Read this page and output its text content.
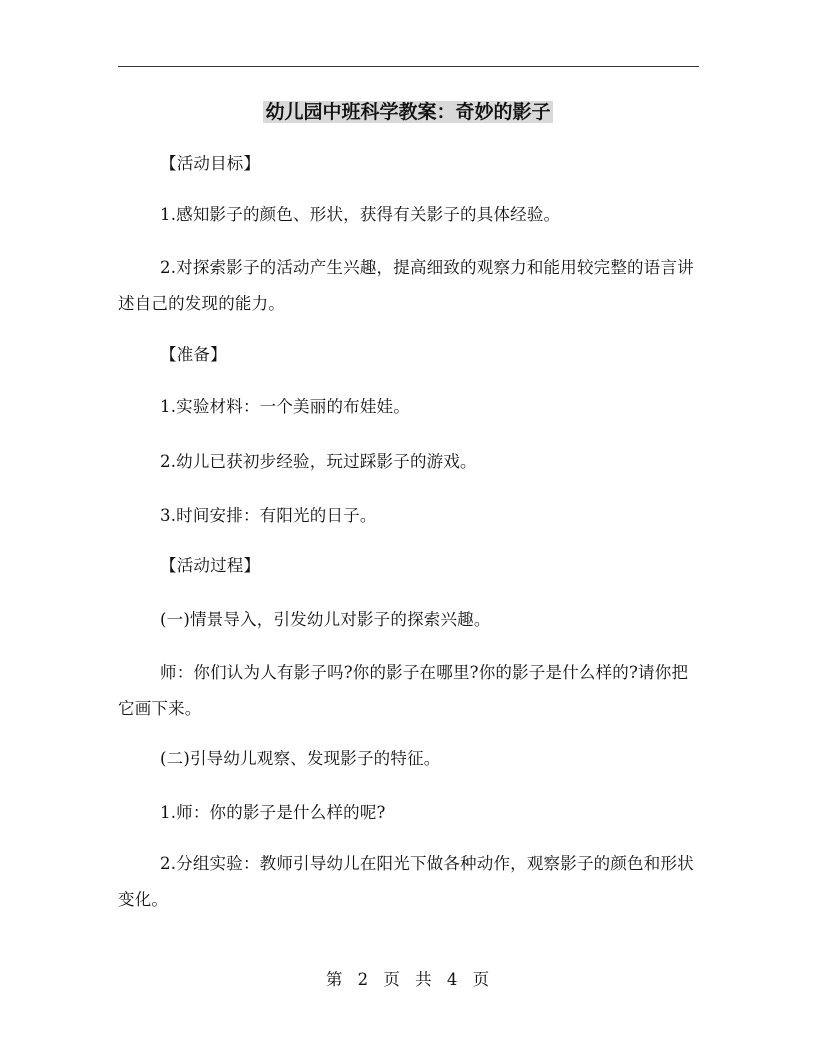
幼儿园中班科学教案：奇妙的影子
【活动目标】
1.感知影子的颜色、形状，获得有关影子的具体经验。
2.对探索影子的活动产生兴趣，提高细致的观察力和能用较完整的语言讲述自己的发现的能力。
【准备】
1.实验材料：一个美丽的布娃娃。
2.幼儿已获初步经验，玩过踩影子的游戏。
3.时间安排：有阳光的日子。
【活动过程】
(一)情景导入，引发幼儿对影子的探索兴趣。
师：你们认为人有影子吗?你的影子在哪里?你的影子是什么样的?请你把它画下来。
(二)引导幼儿观察、发现影子的特征。
1.师：你的影子是什么样的呢?
2.分组实验：教师引导幼儿在阳光下做各种动作，观察影子的颜色和形状变化。
第 2 页 共 4 页
